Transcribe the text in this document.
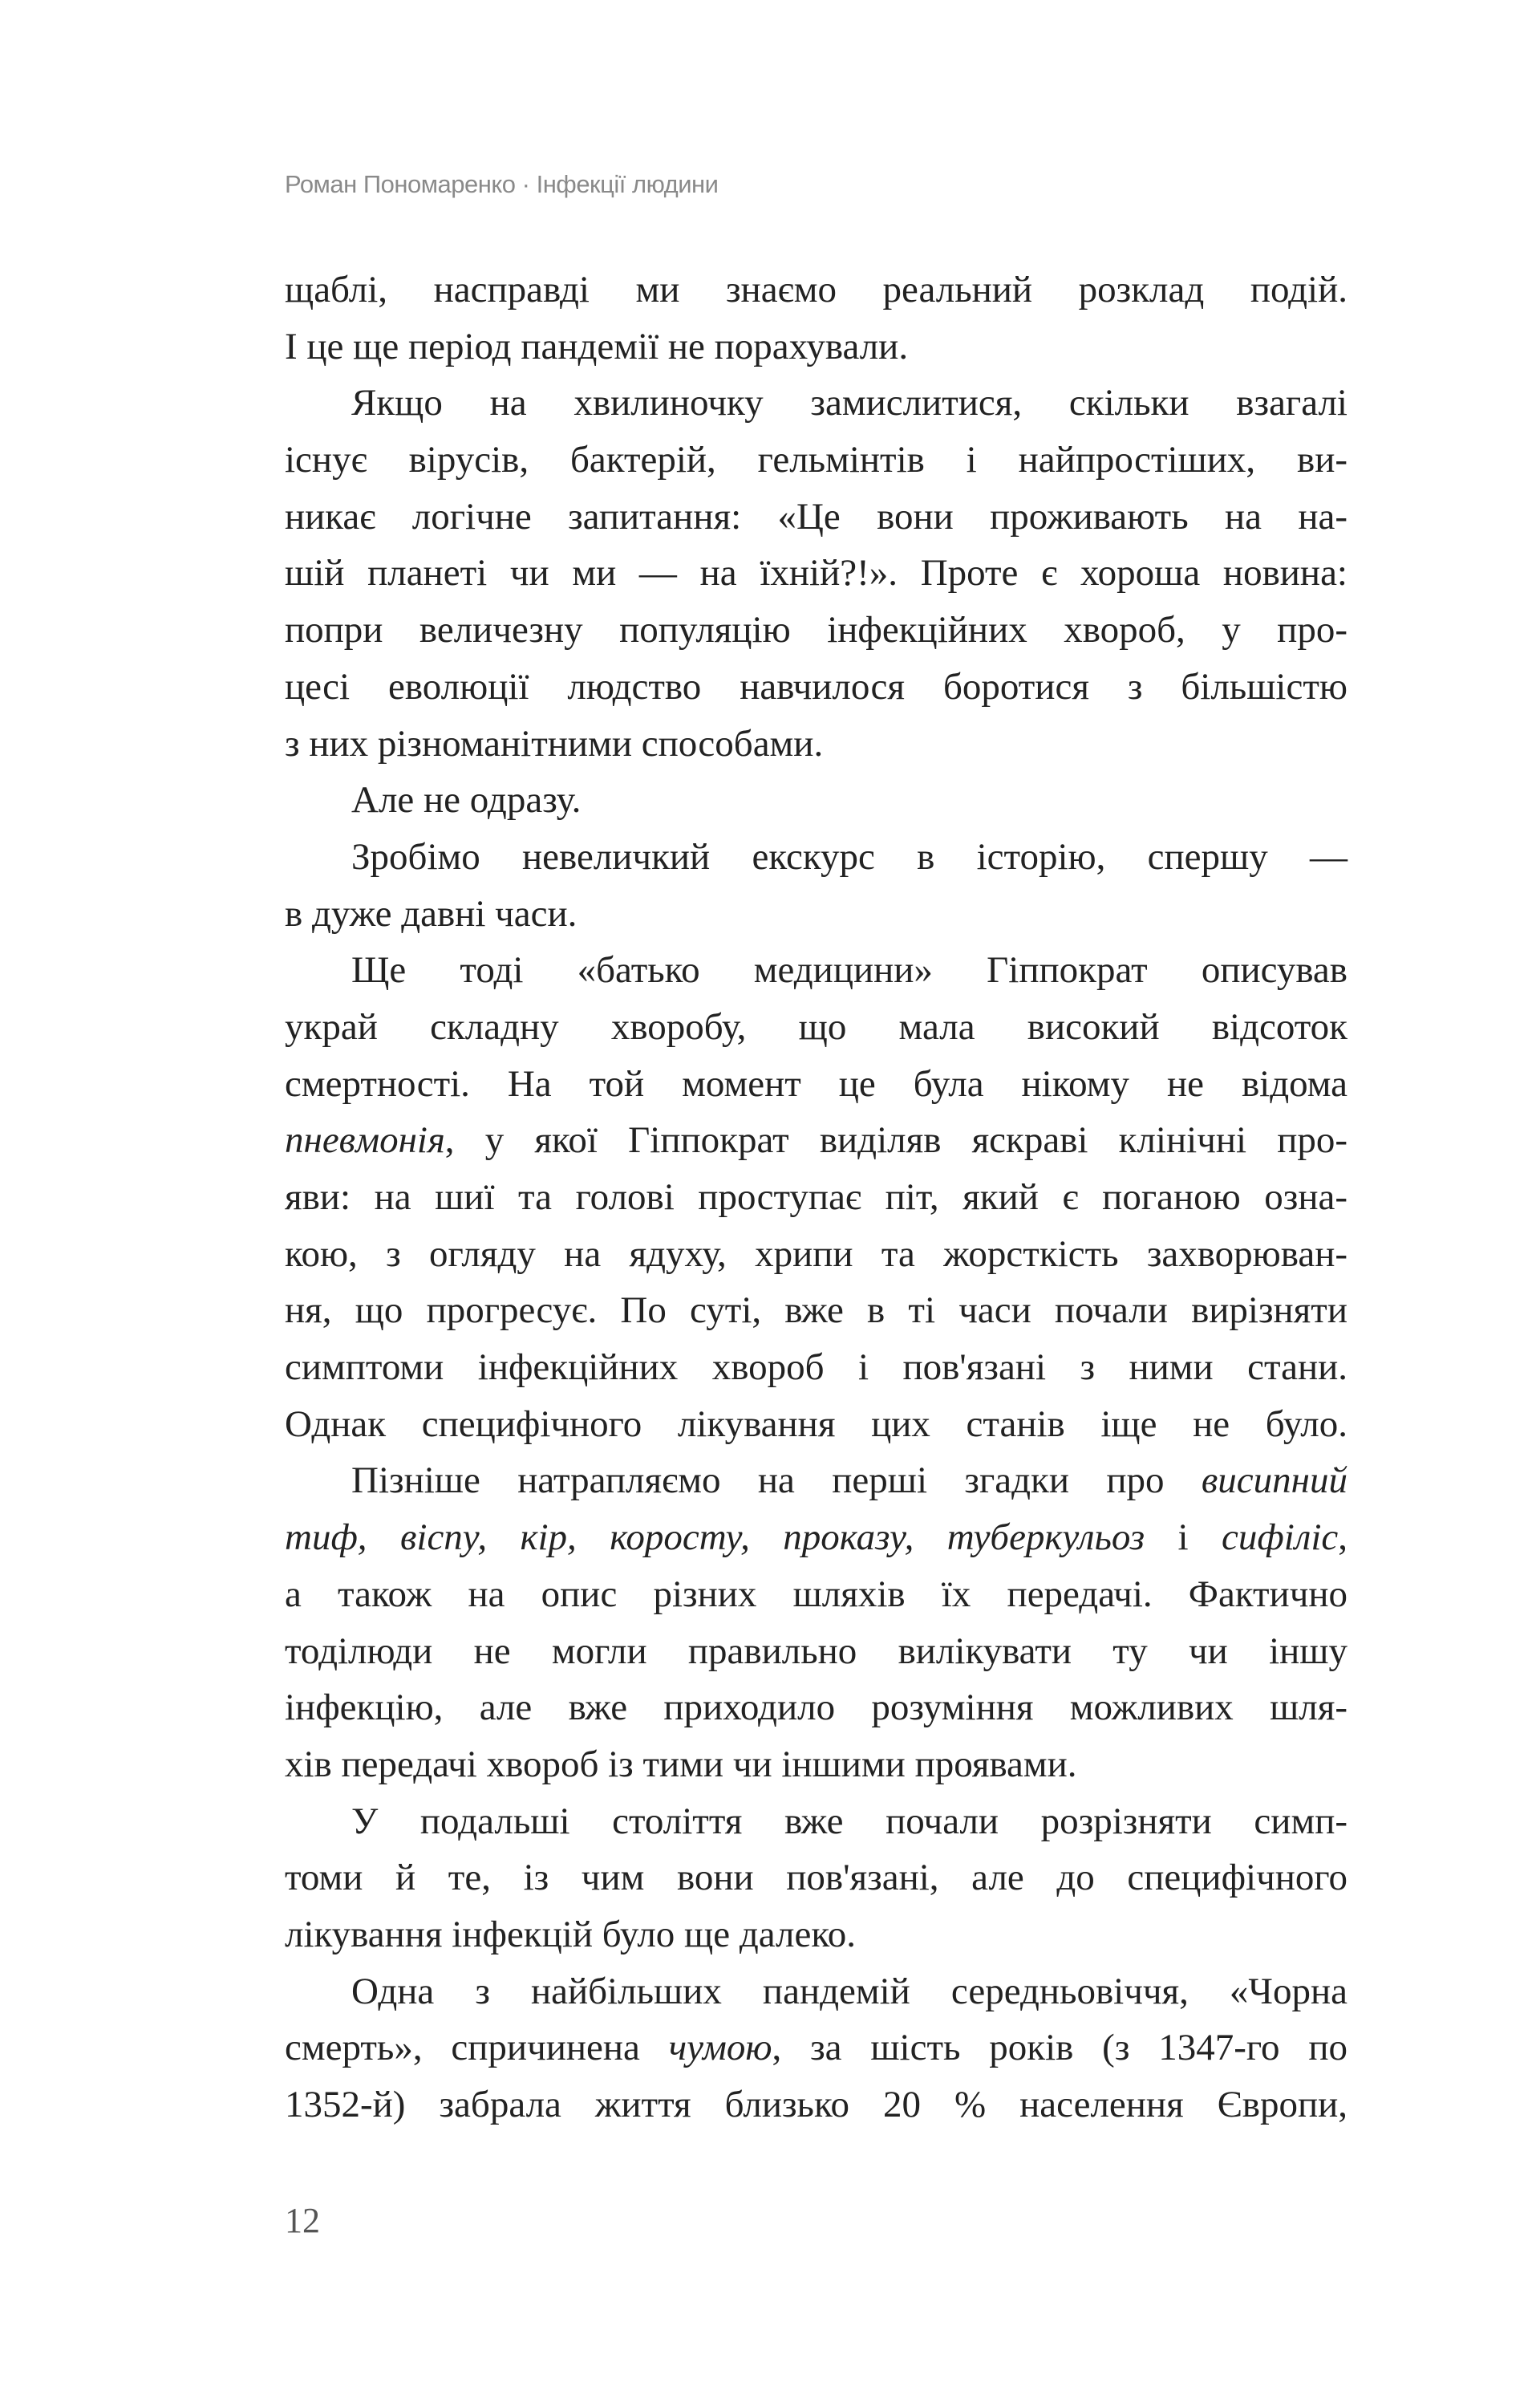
Роман Пономаренко · Інфекції людини
щаблі, насправді ми знаємо реальний розклад подій.
І це ще період пандемії не порахували.
Якщо на хвилиночку замислитися, скільки взагалі
існує вірусів, бактерій, гельмінтів і найпростіших, ви-
никає логічне запитання: «Це вони проживають на на-
шій планеті чи ми — на їхній?!». Проте є хороша новина:
попри величезну популяцію інфекційних хвороб, у про-
цесі еволюції людство навчилося боротися з більшістю
з них різноманітними способами.
Але не одразу.
Зробімо невеличкий екскурс в історію, спершу —
в дуже давні часи.
Ще тоді «батько медицини» Гіппократ описував
украй складну хворобу, що мала високий відсоток
смертності. На той момент це була нікому не відома
пневмонія, у якої Гіппократ виділяв яскраві клінічні про-
яви: на шиї та голові проступає піт, який є поганою озна-
кою, з огляду на ядуху, хрипи та жорсткість захворюван-
ня, що прогресує. По суті, вже в ті часи почали вирізняти
симптоми інфекційних хвороб і пов'язані з ними стани.
Однак специфічного лікування цих станів іще не було.
Пізніше натрапляємо на перші згадки про висипний
тиф, віспу, кір, коросту, проказу, туберкульоз і сифіліс,
а також на опис різних шляхів їх передачі. Фактично
тоділюди не могли правильно вилікувати ту чи іншу
інфекцію, але вже приходило розуміння можливих шля-
хів передачі хвороб із тими чи іншими проявами.
У подальші століття вже почали розрізняти симп-
томи й те, із чим вони пов'язані, але до специфічного
лікування інфекцій було ще далеко.
Одна з найбільших пандемій середньовіччя, «Чорна
смерть», спричинена чумою, за шість років (з 1347-го по
1352-й) забрала життя близько 20 % населення Європи,
12
